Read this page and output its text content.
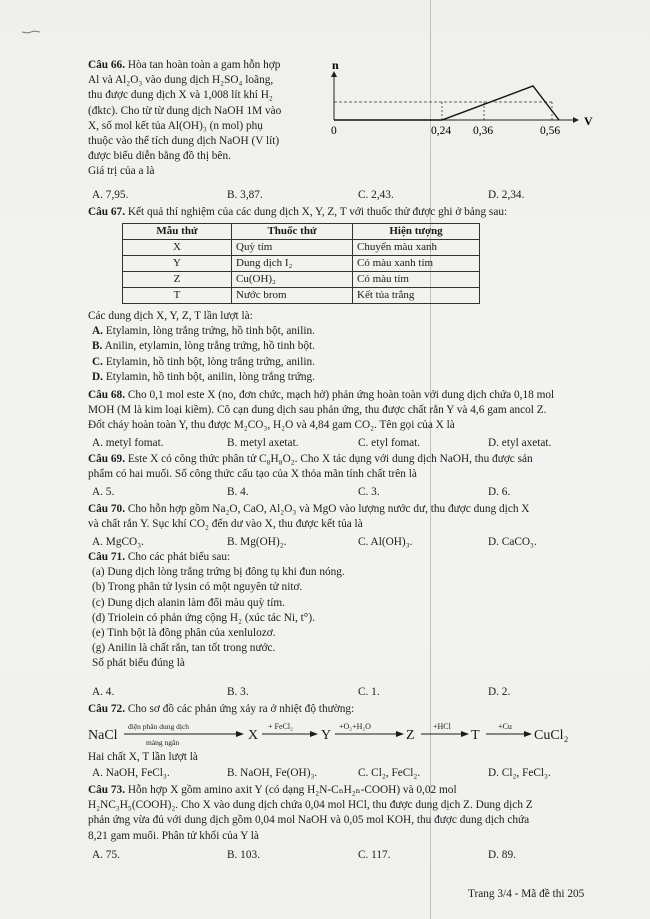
Câu 66. Hòa tan hoàn toàn a gam hỗn hợp

Al và Al₂O₃ vào dung dịch H₂SO₄ loãng,

thu được dung dịch X và 1,008 lít khí H₂

(đktc). Cho từ từ dung dịch NaOH 1M vào

X, số mol kết tủa Al(OH)₃ (n mol) phụ

thuộc vào thể tích dung dịch NaOH (V lít)

được biểu diễn bằng đồ thị bên.

Giá trị của a là

n
0	0,24 0,36	0,56
V
A. 7,95.	B. 3,87.	C. 2,43.	D. 2,34.

Câu 67. Kết quả thí nghiệm của các dung dịch X, Y, Z, T với thuốc thử được ghi ở bảng sau:

Mẫu thử	Thuốc thử	Hiện tượng
X	Quỳ tím	Chuyển màu xanh
Y	Dung dịch I₂	Có màu xanh tím
Z	Cu(OH)₂	Có màu tím
T	Nước brom	Kết tủa trắng

Các dung dịch X, Y, Z, T lần lượt là:

A. Etylamin, lòng trắng trứng, hồ tinh bột, anilin.

B. Anilin, etylamin, lòng trắng trứng, hồ tinh bột.

C. Etylamin, hồ tinh bột, lòng trắng trứng, anilin.

D. Etylamin, hồ tinh bột, anilin, lòng trắng trứng.

Câu 68. Cho 0,1 mol este X (no, đơn chức, mạch hở) phản ứng hoàn toàn với dung dịch chứa 0,18 mol

MOH (M là kim loại kiềm). Cô cạn dung dịch sau phản ứng, thu được chất rắn Y và 4,6 gam ancol Z.

Đốt cháy hoàn toàn Y, thu được M₂CO₃, H₂O và 4,84 gam CO₂. Tên gọi của X là

A. metyl fomat.	B. metyl axetat.	C. etyl fomat.	D. etyl axetat.

Câu 69. Este X có công thức phân tử C₈H₈O₂. Cho X tác dụng với dung dịch NaOH, thu được sản

phẩm có hai muối. Số công thức cấu tạo của X thỏa mãn tính chất trên là

A. 5.	B. 4.	C. 3.	D. 6.

Câu 70. Cho hỗn hợp gồm Na₂O, CaO, Al₂O₃ và MgO vào lượng nước dư, thu được dung dịch X

và chất rắn Y. Sục khí CO₂ đến dư vào X, thu được kết tủa là

A. MgCO₃.	B. Mg(OH)₂.	C. Al(OH)₃.	D. CaCO₃.

Câu 71. Cho các phát biểu sau:

(a) Dung dịch lòng trắng trứng bị đông tụ khi đun nóng.

(b) Trong phân tử lysin có một nguyên tử nitơ.

(c) Dung dịch alanin làm đổi màu quỳ tím.

(d) Triolein có phản ứng cộng H₂ (xúc tác Ni, t°).

(e) Tinh bột là đồng phân của xenlulozơ.

(g) Anilin là chất rắn, tan tốt trong nước.

Số phát biểu đúng là

A. 4.	B. 3.	C. 1.	D. 2.

Câu 72. Cho sơ đồ các phản ứng xảy ra ở nhiệt độ thường:

NaCl
điện phân dung dịch
màng ngăn	X
+ FeCl₂
Y
+O₂+H₂O
Z
+HCl
T
+Cu
CuCl₂

Hai chất X, T lần lượt là

A. NaOH, FeCl₃.	B. NaOH, Fe(OH)₃.	C. Cl₂, FeCl₂.	D. Cl₂, FeCl₃.

Câu 73. Hỗn hợp X gồm amino axit Y (có dạng H₂N-CₙH₂ₙ-COOH) và 0,02 mol

H₂NC₃H₅(COOH)₂. Cho X vào dung dịch chứa 0,04 mol HCl, thu được dung dịch Z. Dung dịch Z

phản ứng vừa đủ với dung dịch gồm 0,04 mol NaOH và 0,05 mol KOH, thu được dung dịch chứa

8,21 gam muối. Phân tử khối của Y là

A. 75.	B. 103.	C. 117.	D. 89.
Trang 3/4 - Mã đề thi 205
